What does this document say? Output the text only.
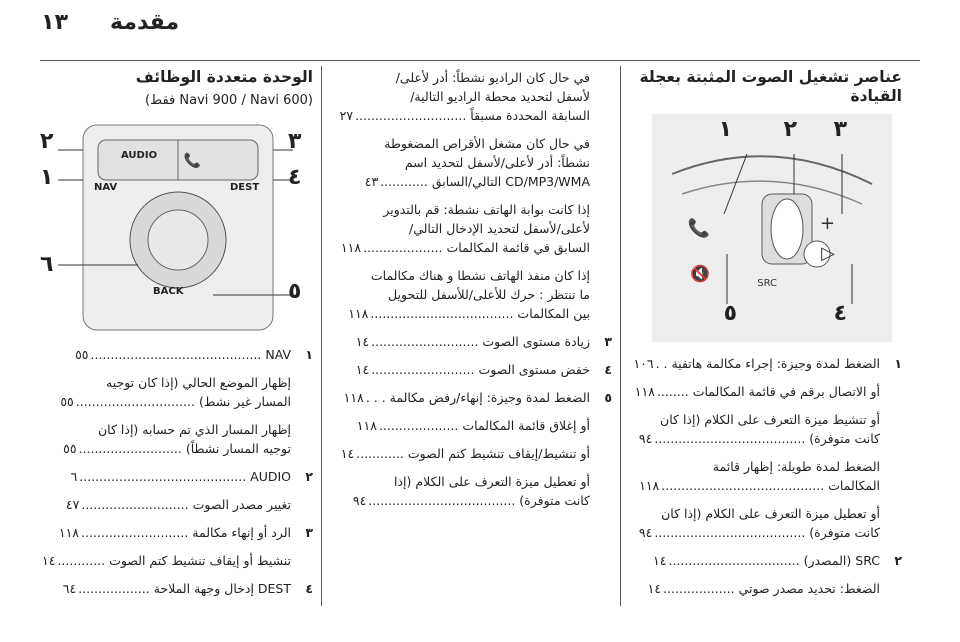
١٣ مقدمة
عناصر تشغيل الصوت المثبتة بعجلة القيادة
📞
🔇
+
▷
SRC
١ ٢ ٣
٤
٥
١
الضغط لمدة وجيزة: إجراء مكالمة هاتفية . .
١٠٦
أو الاتصال برقم في قائمة المكالمات ........
١١٨
أو تنشيط ميزة التعرف على الكلام (إذا كان
كانت متوفرة) ......................................
٩٤
الضغط لمدة طويلة: إظهار قائمة
المكالمات .........................................
١١٨
أو تعطيل ميزة التعرف على الكلام (إذا كان
كانت متوفرة) ......................................
٩٤
SRC (المصدر) .................................
١٤	٢
الضغط: تحديد مصدر صوتي ..................
١٤
في حال كان الراديو نشطاً: أدر لأعلى/
لأسفل لتحديد محطة الراديو التالية/
السابقة المحددة مسبقاً ............................
٢٧
في حال كان مشغل الأقراص المضغوطة
نشطاً: أدر لأعلى/لأسفل لتحديد اسم
CD/MP3/WMA التالي/السابق ............
٤٣
إذا كانت بوابة الهاتف نشطة: قم بالتدوير
لأعلى/لأسفل لتحديد الإدخال التالي/
السابق في قائمة المكالمات ....................
١١٨
إذا كان منفذ الهاتف نشطا و هناك مكالمات
ما تنتظر : حرك للأعلى/للأسفل للتحويل
بين المكالمات ....................................
١١٨
٣
زيادة مستوى الصوت ...........................
١٤
٤
خفض مستوى الصوت ..........................
١٤
٥
الضغط لمدة وجيزة: إنهاء/رفض مكالمة . . .
١١٨
أو إغلاق قائمة المكالمات ....................
١١٨
أو تنشيط/إيقاف تنشيط كتم الصوت ............
١٤
أو تعطيل ميزة التعرف على الكلام (إذا
كانت متوفرة) .....................................
٩٤
الوحدة متعددة الوظائف
(Navi 900 / Navi 600 فقط)
📞
AUDIO
NAV	DEST
BACK
٢
١
٦
٣
٤
٥
١
NAV ...........................................
٥٥
إظهار الموضع الحالي (إذا كان توجيه
المسار غير نشط) ..............................
٥٥
إظهار المسار الذي تم حسابه (إذا كان
توجيه المسار نشطاً) ..........................
٥٥
٢
AUDIO ..........................................
٦
تغيير مصدر الصوت ...........................
٤٧
٣
الرد أو إنهاء مكالمة ...........................
١١٨
تنشيط أو إيقاف تنشيط كتم الصوت ............
١٤
٤
DEST إدخال وجهة الملاحة ..................
٦٤
